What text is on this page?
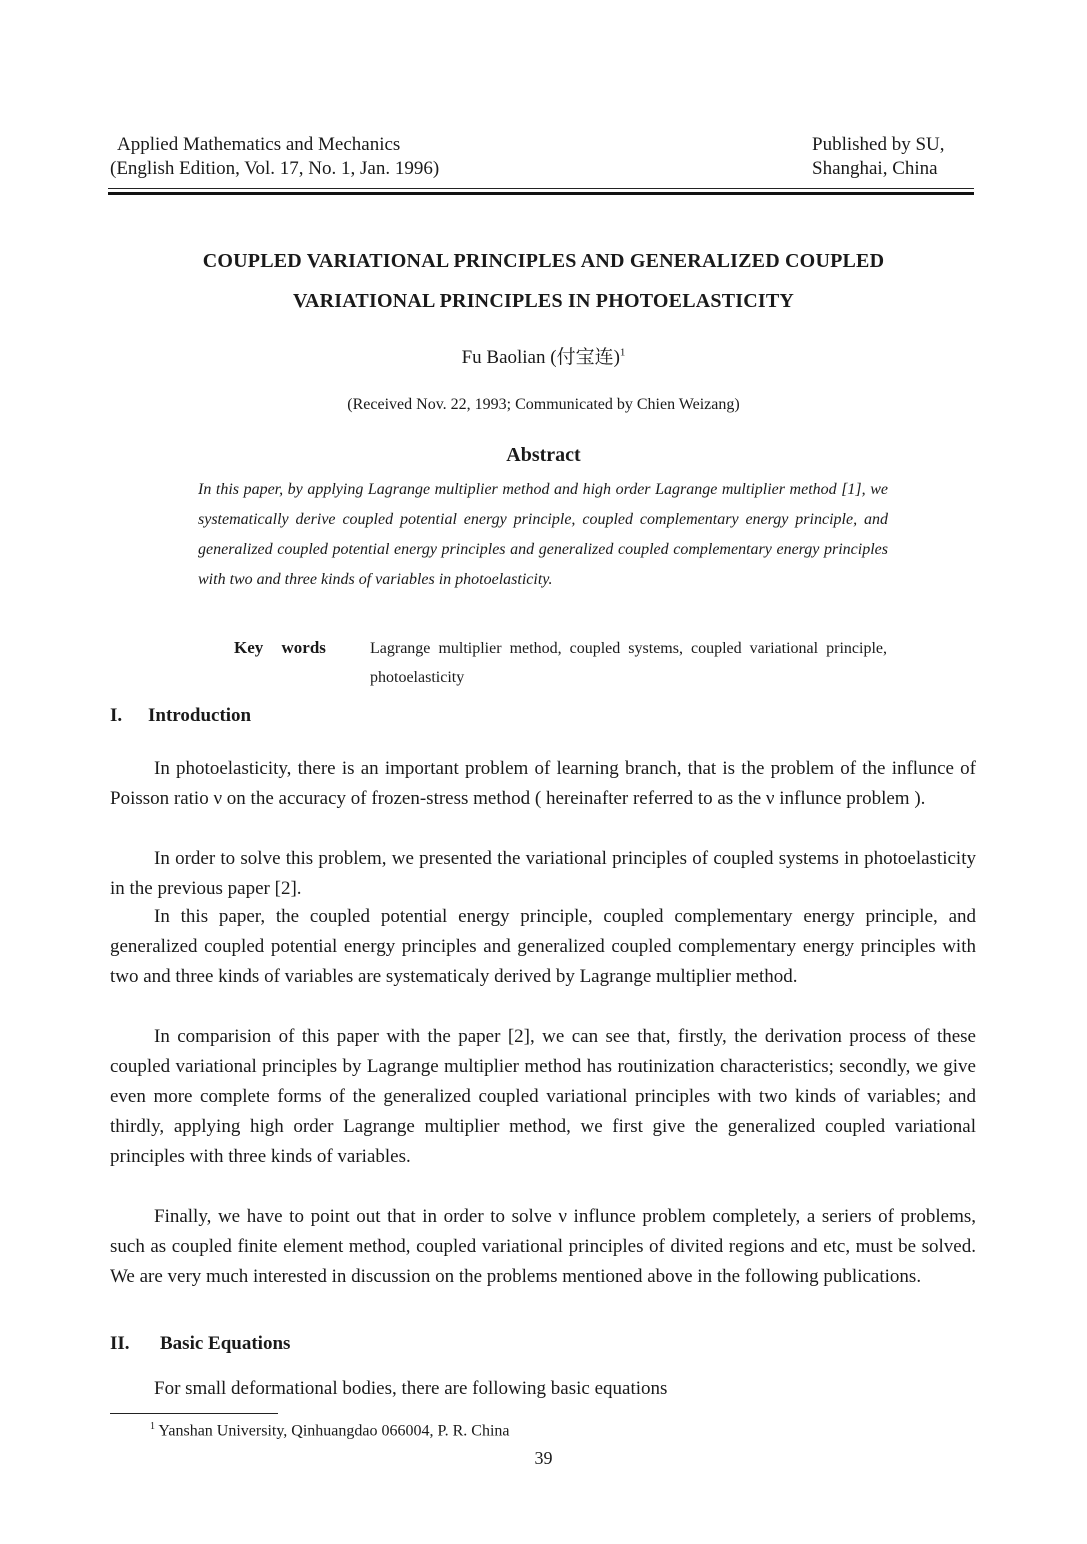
Applied Mathematics and Mechanics
(English Edition, Vol. 17, No. 1, Jan. 1996)
Published by SU,
Shanghai, China
COUPLED VARIATIONAL PRINCIPLES AND GENERALIZED COUPLED
VARIATIONAL PRINCIPLES IN PHOTOELASTICITY
Fu Baolian (付宝连)$^1$
(Received Nov. 22, 1993; Communicated by Chien Weizang)
Abstract
In this paper, by applying Lagrange multiplier method and high order Lagrange multiplier method [1], we systematically derive coupled potential energy principle, coupled complementary energy principle, and generalized coupled potential energy principles and generalized coupled complementary energy principles with two and three kinds of variables in photoelasticity.
Key words	Lagrange multiplier method, coupled systems, coupled variational principle, photoelasticity
I. Introduction

In photoelasticity, there is an important problem of learning branch, that is the problem of the influnce of Poisson ratio ν on the accuracy of frozen-stress method ( hereinafter referred to as the ν influnce problem ).

In order to solve this problem, we presented the variational principles of coupled systems in photoelasticity in the previous paper [2].

In this paper, the coupled potential energy principle, coupled complementary energy principle, and generalized coupled potential energy principles and generalized coupled complementary energy principles with two and three kinds of variables are systematicaly derived by Lagrange multiplier method.

In comparision of this paper with the paper [2], we can see that, firstly, the derivation process of these coupled variational principles by Lagrange multiplier method has routinization characteristics; secondly, we give even more complete forms of the generalized coupled variational principles with two kinds of variables; and thirdly, applying high order Lagrange multiplier method, we first give the generalized coupled variational principles with three kinds of variables.

Finally, we have to point out that in order to solve ν influnce problem completely, a seriers of problems, such as coupled finite element method, coupled variational principles of divited regions and etc, must be solved. We are very much interested in discussion on the problems mentioned above in the following publications.

II. Basic Equations

For small deformational bodies, there are following basic equations

$^1$ Yanshan University, Qinhuangdao 066004, P. R. China
39
